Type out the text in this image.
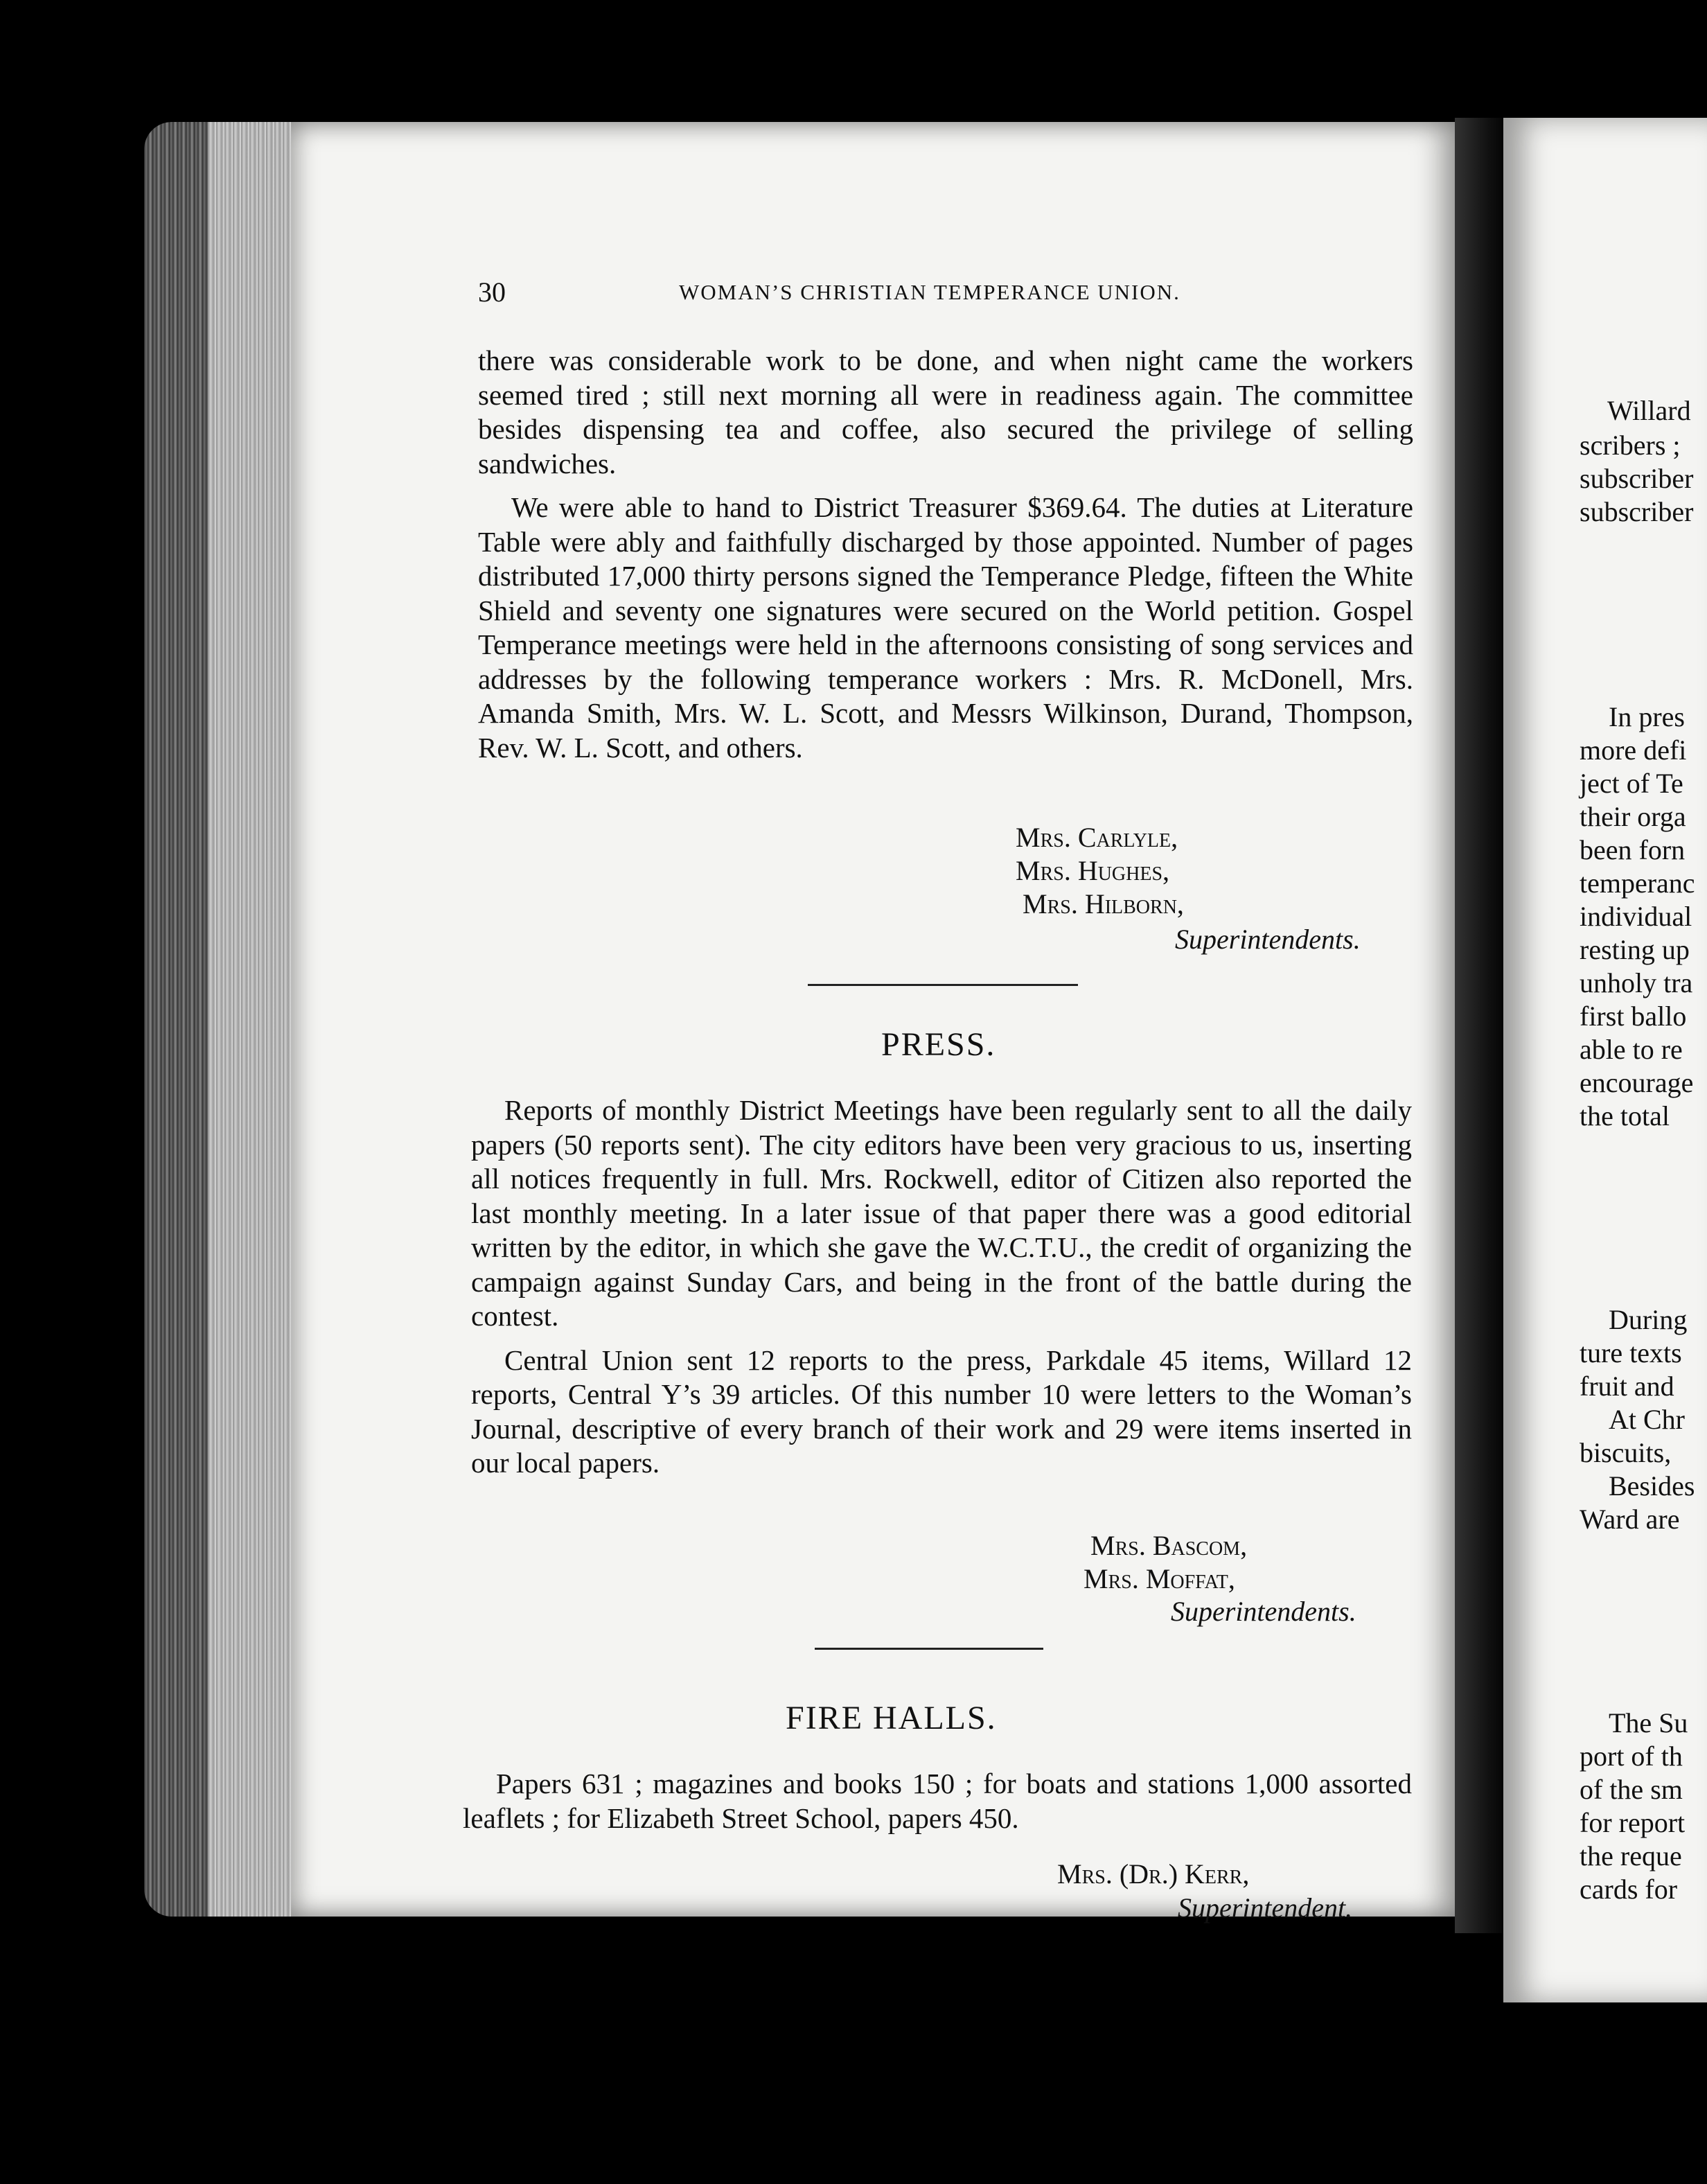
Willard
scribers ;
subscriber
subscriber
In pres
more defi
ject of Te
their orga
been forn
temperanc
individual
resting up
unholy tra
first ballo
able to re
encourage
the total
During
ture texts
fruit and
At Chr
biscuits,
Besides
Ward are
The Su
port of th
of the sm
for report
the reque
cards for
30	WOMAN’S CHRISTIAN TEMPERANCE UNION.

there was considerable work to be done, and when night came the workers seemed tired ; still next morning all were in readiness again. The committee besides dispensing tea and coffee, also secured the privilege of selling sandwiches.

We were able to hand to District Treasurer $369.64. The duties at Literature Table were ably and faithfully discharged by those appointed. Number of pages distributed 17,000 thirty persons signed the Temperance Pledge, fifteen the White Shield and seventy one signatures were secured on the World petition. Gospel Temperance meetings were held in the afternoons consisting of song services and addresses by the following temperance workers : Mrs. R. McDonell, Mrs. Amanda Smith, Mrs. W. L. Scott, and Messrs Wilkinson, Durand, Thompson, Rev. W. L. Scott, and others.

Mrs. Carlyle,
Mrs. Hughes,
Mrs. Hilborn,
Superintendents.
PRESS.

Reports of monthly District Meetings have been regularly sent to all the daily papers (50 reports sent). The city editors have been very gracious to us, inserting all notices frequently in full. Mrs. Rockwell, editor of Citizen also reported the last monthly meeting. In a later issue of that paper there was a good editorial written by the editor, in which she gave the W.C.T.U., the credit of organizing the campaign against Sunday Cars, and being in the front of the battle during the contest.

Central Union sent 12 reports to the press, Parkdale 45 items, Willard 12 reports, Central Y’s 39 articles. Of this number 10 were letters to the Woman’s Journal, descriptive of every branch of their work and 29 were items inserted in our local papers.

Mrs. Bascom,
Mrs. Moffat,
Superintendents.
FIRE HALLS.

Papers 631 ; magazines and books 150 ; for boats and stations 1,000 assorted leaflets ; for Elizabeth Street School, papers 450.

Mrs. (Dr.) Kerr,
Superintendent.
